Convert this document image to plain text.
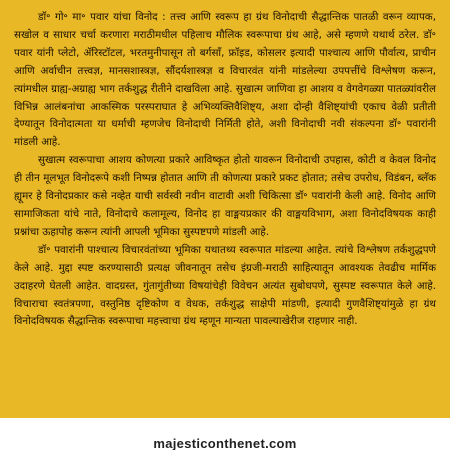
डॉ॰ गो॰ मा॰ पवार यांचा विनोद : तत्त्व आणि स्वरूप हा ग्रंथ विनोदाची सैद्धान्तिक पातळी वरून व्यापक, सखोल व साधार चर्चा करणारा मराठीमधील पहिलाच मौलिक स्वरूपाचा ग्रंथ आहे, असे म्हणणे यथार्थ ठरेल. डॉ॰ पवार यांनी प्लेटो, ॲरिस्टॉटल, भरतमुनीपासून तो बर्गसाँ, फ्रॉइड, कोसलर इत्यादी पाश्चात्य आणि पौर्वात्य, प्राचीन आणि अर्वाचीन तत्त्वज्ञ, मानसशास्त्रज्ञ, सौंदर्यशास्त्रज्ञ व विचारवंत यांनी मांडलेल्या उपपत्तींचे विश्लेषण करून, त्यांमधील ग्राह्य-अग्राह्य भाग तर्कशुद्ध रीतीने दाखविला आहे. सुखात्म जाणिवा हा आशय व वेगवेगळ्या पातळ्यांवरील विभिन्न आलंबनांचा आकस्मिक परस्पराघात हे अभिव्यक्तिवैशिष्ट्य, अशा दोन्ही वैशिष्ट्यांची एकाच वेळी प्रतीती देण्यातून विनोदात्मता या धर्माची म्हणजेच विनोदाची निर्मिती होते, अशी विनोदाची नवी संकल्पना डॉ॰ पवारांनी मांडली आहे.

सुखात्म स्वरूपाचा आशय कोणत्या प्रकारे आविष्कृत होतो यावरून विनोदाची उपहास, कोटी व केवल विनोद ही तीन मूलभूत विनोदरूपे कशी निष्पन्न होतात आणि ती कोणत्या प्रकारे प्रकट होतात; तसेच उपरोध, विडंबन, ब्लॅक ह्यूमर हे विनोदप्रकार कसे नव्हेत याची सर्वस्वी नवीन वाटावी अशी चिकित्सा डॉ॰ पवारांनी केली आहे. विनोद आणि सामाजिकता यांचे नाते, विनोदाचे कलामूल्य, विनोद हा वाङ्मयप्रकार की वाङ्मयविभाग, अशा विनोदविषयक काही प्रश्नांचा ऊहापोह करून त्यांनी आपली भूमिका सुस्पष्टपणे मांडली आहे.

डॉ॰ पवारांनी पाश्चात्य विचारवंतांच्या भूमिका यथातथ्य स्वरूपात मांडल्या आहेत. त्यांचे विश्लेषण तर्कशुद्धपणे केले आहे. मुद्दा स्पष्ट करण्यासाठी प्रत्यक्ष जीवनातून तसेच इंग्रजी-मराठी साहित्यातून आवश्यक तेवढीच मार्मिक उदाहरणे घेतली आहेत. वादग्रस्त, गुंतागुंतीच्या विषयांचेही विवेचन अत्यंत सुबोधपणे, सुस्पष्ट स्वरूपात केले आहे. विचाराचा स्वतंत्रपणा, वस्तुनिष्ठ दृष्टिकोण व वेधक, तर्कशुद्ध साक्षेपी मांडणी, इत्यादी गुणवैशिष्ट्यांमुळे हा ग्रंथ विनोदविषयक सैद्धान्तिक स्वरूपाचा महत्त्वाचा ग्रंथ म्हणून मान्यता पावल्याखेरीज राहणार नाही.

majesticonthenet.com
